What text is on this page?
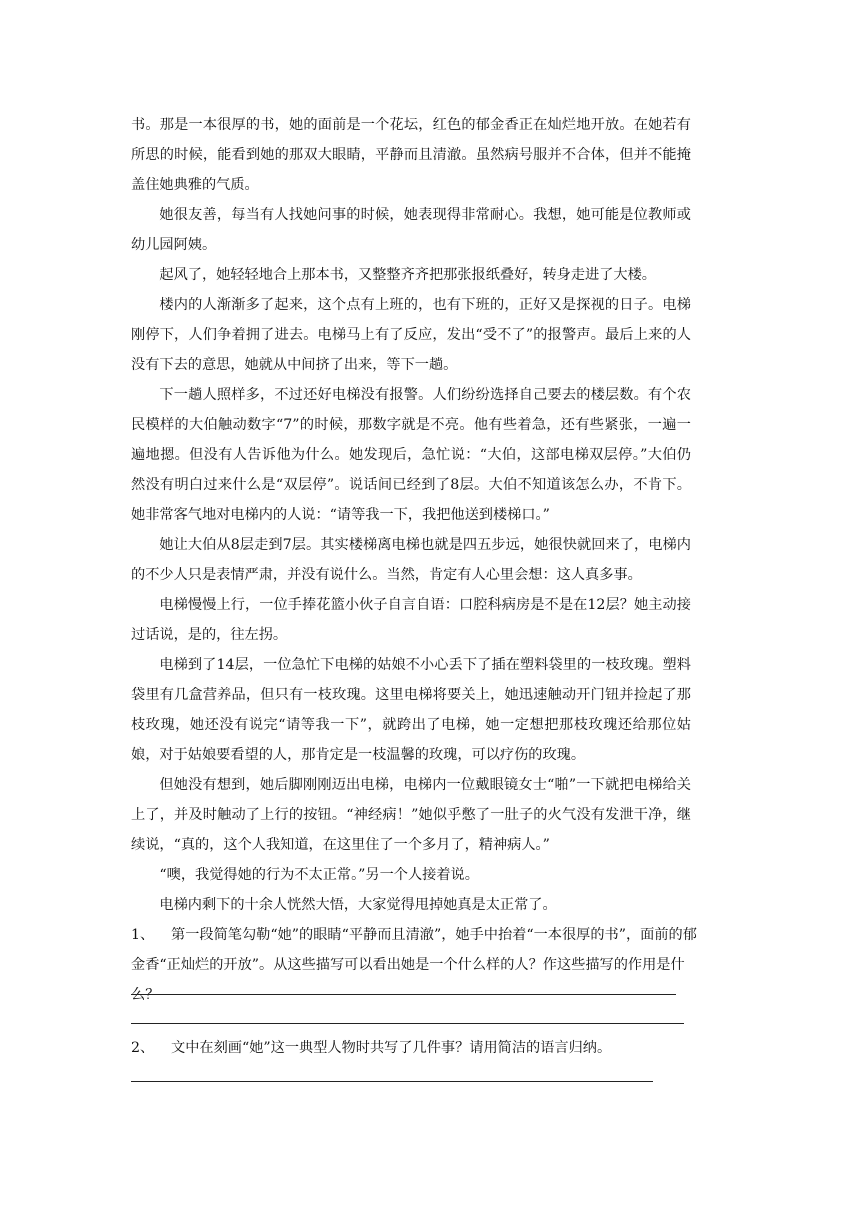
书。那是一本很厚的书，她的面前是一个花坛，红色的郁金香正在灿烂地开放。在她若有所思的时候，能看到她的那双大眼睛，平静而且清澈。虽然病号服并不合体，但并不能掩盖住她典雅的气质。

她很友善，每当有人找她问事的时候，她表现得非常耐心。我想，她可能是位教师或幼儿园阿姨。

起风了，她轻轻地合上那本书，又整整齐齐把那张报纸叠好，转身走进了大楼。

楼内的人渐渐多了起来，这个点有上班的，也有下班的，正好又是探视的日子。电梯刚停下，人们争着拥了进去。电梯马上有了反应，发出“受不了”的报警声。最后上来的人没有下去的意思，她就从中间挤了出来，等下一趟。

下一趟人照样多，不过还好电梯没有报警。人们纷纷选择自己要去的楼层数。有个农民模样的大伯触动数字“7”的时候，那数字就是不亮。他有些着急，还有些紧张，一遍一遍地摁。但没有人告诉他为什么。她发现后，急忙说：“大伯，这部电梯双层停。”大伯仍然没有明白过来什么是“双层停”。说话间已经到了8层。大伯不知道该怎么办，不肯下。她非常客气地对电梯内的人说：“请等我一下，我把他送到楼梯口。”

她让大伯从8层走到7层。其实楼梯离电梯也就是四五步远，她很快就回来了，电梯内的不少人只是表情严肃，并没有说什么。当然，肯定有人心里会想：这人真多事。

电梯慢慢上行，一位手捧花篮小伙子自言自语：口腔科病房是不是在12层？她主动接过话说，是的，往左拐。

电梯到了14层，一位急忙下电梯的姑娘不小心丢下了插在塑料袋里的一枝玫瑰。塑料袋里有几盒营养品，但只有一枝玫瑰。这里电梯将要关上，她迅速触动开门钮并捡起了那枝玫瑰，她还没有说完“请等我一下”，就跨出了电梯，她一定想把那枝玫瑰还给那位姑娘，对于姑娘要看望的人，那肯定是一枝温馨的玫瑰，可以疗伤的玫瑰。

但她没有想到，她后脚刚刚迈出电梯，电梯内一位戴眼镜女士“啪”一下就把电梯给关上了，并及时触动了上行的按钮。“神经病！”她似乎憋了一肚子的火气没有发泄干净，继续说，“真的，这个人我知道，在这里住了一个多月了，精神病人。”

“噢，我觉得她的行为不太正常。”另一个人接着说。

电梯内剩下的十余人恍然大悟，大家觉得甩掉她真是太正常了。

1、 第一段简笔勾勒“她”的眼睛“平静而且清澈”，她手中抬着“一本很厚的书”，面前的郁金香“正灿烂的开放”。从这些描写可以看出她是一个什么样的人？作这些描写的作用是什么？

2、 文中在刻画“她”这一典型人物时共写了几件事？请用简洁的语言归纳。
